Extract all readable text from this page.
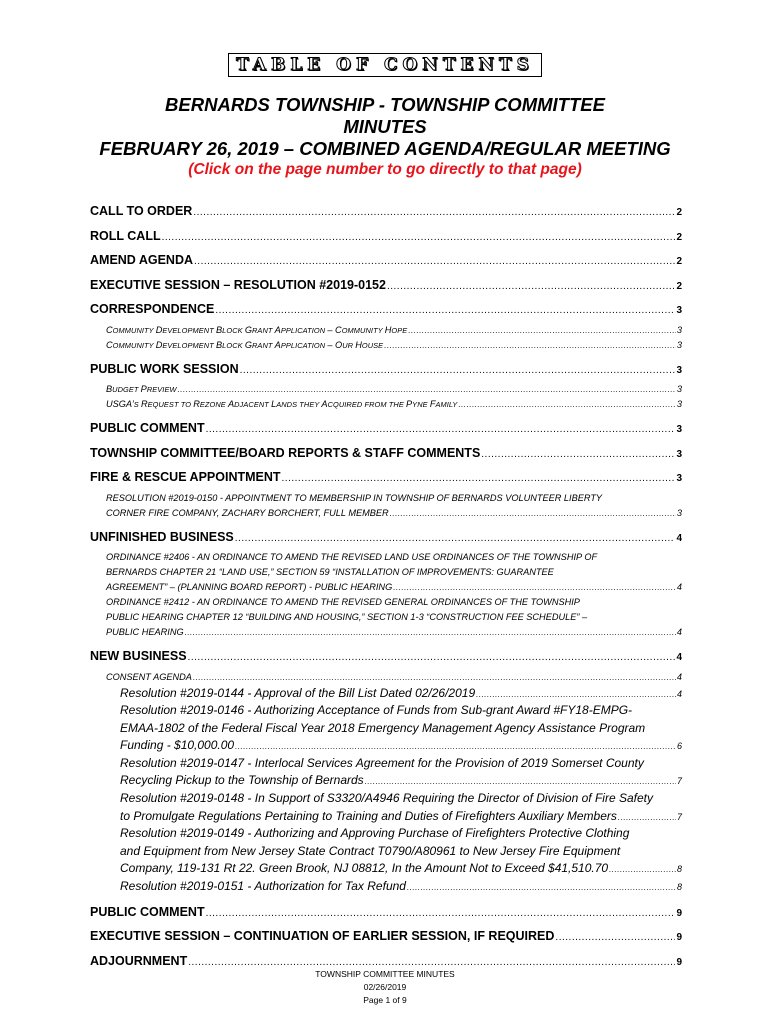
TABLE OF CONTENTS
BERNARDS TOWNSHIP - TOWNSHIP COMMITTEE
MINUTES
FEBRUARY 26, 2019 – COMBINED AGENDA/REGULAR MEETING
(Click on the page number to go directly to that page)
CALL TO ORDER .....	2
ROLL CALL .....	2
AMEND AGENDA .....	2
EXECUTIVE SESSION – RESOLUTION #2019-0152 .....	2
CORRESPONDENCE .....	3
COMMUNITY DEVELOPMENT BLOCK GRANT APPLICATION – COMMUNITY HOPE .....	3
COMMUNITY DEVELOPMENT BLOCK GRANT APPLICATION – OUR HOUSE .....	3
PUBLIC WORK SESSION .....	3
BUDGET PREVIEW .....	3
USGA’S REQUEST TO REZONE ADJACENT LANDS THEY ACQUIRED FROM THE PYNE FAMILY .....	3
PUBLIC COMMENT .....	3
TOWNSHIP COMMITTEE/BOARD REPORTS & STAFF COMMENTS .....	3
FIRE & RESCUE APPOINTMENT .....	3
RESOLUTION #2019-0150 - APPOINTMENT TO MEMBERSHIP IN TOWNSHIP OF BERNARDS VOLUNTEER LIBERTY
CORNER FIRE COMPANY, ZACHARY BORCHERT, FULL MEMBER .....	3
UNFINISHED BUSINESS .....	4
ORDINANCE #2406 - AN ORDINANCE TO AMEND THE REVISED LAND USE ORDINANCES OF THE TOWNSHIP OF
BERNARDS CHAPTER 21 “LAND USE,” SECTION 59 “INSTALLATION OF IMPROVEMENTS: GUARANTEE
AGREEMENT” – (PLANNING BOARD REPORT) - PUBLIC HEARING .....	4
ORDINANCE #2412 - AN ORDINANCE TO AMEND THE REVISED GENERAL ORDINANCES OF THE TOWNSHIP
PUBLIC HEARING CHAPTER 12 “BUILDING AND HOUSING,” SECTION 1-3 “CONSTRUCTION FEE SCHEDULE” –
PUBLIC HEARING .....	4
NEW BUSINESS .....	4
CONSENT AGENDA .....	4
Resolution #2019-0144 - Approval of the Bill List Dated 02/26/2019 .....	4
Resolution #2019-0146 - Authorizing Acceptance of Funds from Sub-grant Award #FY18-EMPG-
EMAA-1802 of the Federal Fiscal Year 2018 Emergency Management Agency Assistance Program
Funding - $10,000.00 .....	6
Resolution #2019-0147 - Interlocal Services Agreement for the Provision of 2019 Somerset County
Recycling Pickup to the Township of Bernards .....	7
Resolution #2019-0148 - In Support of S3320/A4946 Requiring the Director of Division of Fire Safety
to Promulgate Regulations Pertaining to Training and Duties of Firefighters Auxiliary Members .....	7
Resolution #2019-0149 - Authorizing and Approving Purchase of Firefighters Protective Clothing
and Equipment from New Jersey State Contract T0790/A80961 to New Jersey Fire Equipment
Company, 119-131 Rt 22. Green Brook, NJ 08812, In the Amount Not to Exceed $41,510.70 .....	8
Resolution #2019-0151 - Authorization for Tax Refund .....	8
PUBLIC COMMENT .....	9
EXECUTIVE SESSION – CONTINUATION OF EARLIER SESSION, IF REQUIRED .....	9
ADJOURNMENT .....	9
TOWNSHIP COMMITTEE MINUTES
02/26/2019
Page 1 of 9
